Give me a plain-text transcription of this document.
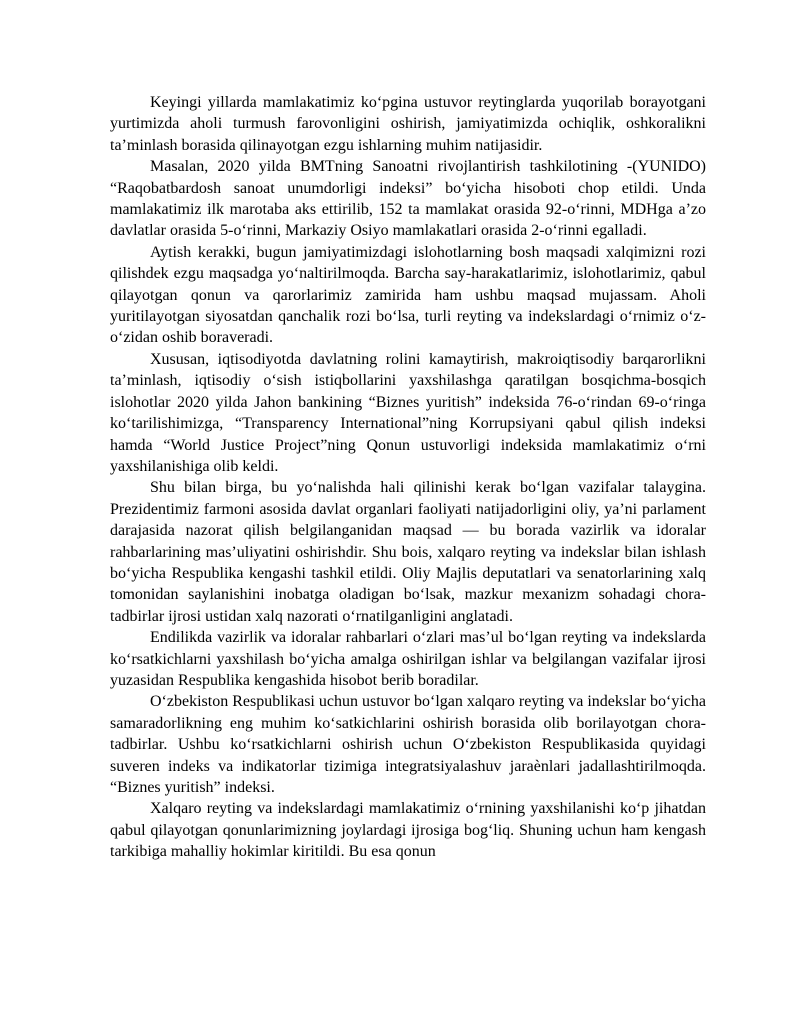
Keyingi yillarda mamlakatimiz koʻpgina ustuvor reytinglarda yuqorilab borayotgani yurtimizda aholi turmush farovonligini oshirish, jamiyatimizda ochiqlik, oshkoralikni taʼminlash borasida qilinayotgan ezgu ishlarning muhim natijasidir.

Masalan, 2020 yilda BMTning Sanoatni rivojlantirish tashkilotining -(YUNIDO) “Raqobatbardosh sanoat unumdorligi indeksi” boʻyicha hisoboti chop etildi. Unda mamlakatimiz ilk marotaba aks ettirilib, 152 ta mamlakat orasida 92-oʻrinni, MDHga aʼzo davlatlar orasida 5-oʻrinni, Markaziy Osiyo mamlakatlari orasida 2-oʻrinni egalladi.

Aytish kerakki, bugun jamiyatimizdagi islohotlarning bosh maqsadi xalqimizni rozi qilishdek ezgu maqsadga yoʻnaltirilmoqda. Barcha say-harakatlarimiz, islohotlarimiz, qabul qilayotgan qonun va qarorlarimiz zamirida ham ushbu maqsad mujassam. Aholi yuritilayotgan siyosatdan qanchalik rozi boʻlsa, turli reyting va indekslardagi oʻrnimiz oʻz-oʻzidan oshib boraveradi.

Xususan, iqtisodiyotda davlatning rolini kamaytirish, makroiqtisodiy barqarorlikni taʼminlash, iqtisodiy oʻsish istiqbollarini yaxshilashga qaratilgan bosqichma-bosqich islohotlar 2020 yilda Jahon bankining “Biznes yuritish” indeksida 76-oʻrindan 69-oʻringa koʻtarilishimizga, “Transparency International”ning Korrupsiyani qabul qilish indeksi hamda “World Justice Project”ning Qonun ustuvorligi indeksida mamlakatimiz oʻrni yaxshilanishiga olib keldi.

Shu bilan birga, bu yoʻnalishda hali qilinishi kerak boʻlgan vazifalar talaygina. Prezidentimiz farmoni asosida davlat organlari faoliyati natijadorligini oliy, yaʼni parlament darajasida nazorat qilish belgilanganidan maqsad — bu borada vazirlik va idoralar rahbarlarining masʼuliyatini oshirishdir. Shu bois, xalqaro reyting va indekslar bilan ishlash boʻyicha Respublika kengashi tashkil etildi. Oliy Majlis deputatlari va senatorlarining xalq tomonidan saylanishini inobatga oladigan boʻlsak, mazkur mexanizm sohadagi chora-tadbirlar ijrosi ustidan xalq nazorati oʻrnatilganligini anglatadi.

Endilikda vazirlik va idoralar rahbarlari oʻzlari masʼul boʻlgan reyting va indekslarda koʻrsatkichlarni yaxshilash boʻyicha amalga oshirilgan ishlar va belgilangan vazifalar ijrosi yuzasidan Respublika kengashida hisobot berib boradilar.

Oʻzbekiston Respublikasi uchun ustuvor boʻlgan xalqaro reyting va indekslar boʻyicha samaradorlikning eng muhim koʻsatkichlarini oshirish borasida olib borilayotgan chora-tadbirlar. Ushbu koʻrsatkichlarni oshirish uchun Oʻzbekiston Respublikasida quyidagi suveren indeks va indikatorlar tizimiga integratsiyalashuv jaraènlari jadallashtirilmoqda. “Biznes yuritish” indeksi.

Xalqaro reyting va indekslardagi mamlakatimiz oʻrnining yaxshilanishi koʻp jihatdan qabul qilayotgan qonunlarimizning joylardagi ijrosiga bogʻliq. Shuning uchun ham kengash tarkibiga mahalliy hokimlar kiritildi. Bu esa qonun
